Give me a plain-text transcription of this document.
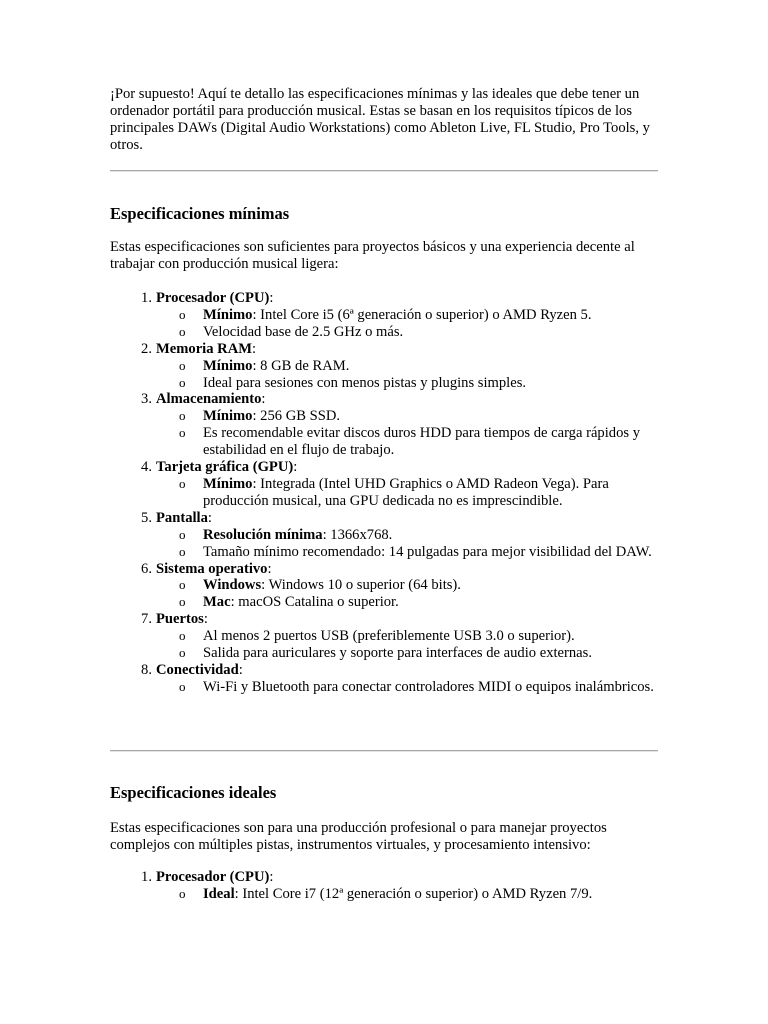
¡Por supuesto! Aquí te detallo las especificaciones mínimas y las ideales que debe tener un ordenador portátil para producción musical. Estas se basan en los requisitos típicos de los principales DAWs (Digital Audio Workstations) como Ableton Live, FL Studio, Pro Tools, y otros.

Especificaciones mínimas

Estas especificaciones son suficientes para proyectos básicos y una experiencia decente al trabajar con producción musical ligera:

1. Procesador (CPU):
o Mínimo: Intel Core i5 (6ª generación o superior) o AMD Ryzen 5.
o Velocidad base de 2.5 GHz o más.
2. Memoria RAM:
o Mínimo: 8 GB de RAM.
o Ideal para sesiones con menos pistas y plugins simples.
3. Almacenamiento:
o Mínimo: 256 GB SSD.
o Es recomendable evitar discos duros HDD para tiempos de carga rápidos y estabilidad en el flujo de trabajo.
4. Tarjeta gráfica (GPU):
o Mínimo: Integrada (Intel UHD Graphics o AMD Radeon Vega). Para producción musical, una GPU dedicada no es imprescindible.
5. Pantalla:
o Resolución mínima: 1366x768.
o Tamaño mínimo recomendado: 14 pulgadas para mejor visibilidad del DAW.
6. Sistema operativo:
o Windows: Windows 10 o superior (64 bits).
o Mac: macOS Catalina o superior.
7. Puertos:
o Al menos 2 puertos USB (preferiblemente USB 3.0 o superior).
o Salida para auriculares y soporte para interfaces de audio externas.
8. Conectividad:
o Wi-Fi y Bluetooth para conectar controladores MIDI o equipos inalámbricos.
Especificaciones ideales

Estas especificaciones son para una producción profesional o para manejar proyectos complejos con múltiples pistas, instrumentos virtuales, y procesamiento intensivo:

1. Procesador (CPU):
o Ideal: Intel Core i7 (12ª generación o superior) o AMD Ryzen 7/9.
